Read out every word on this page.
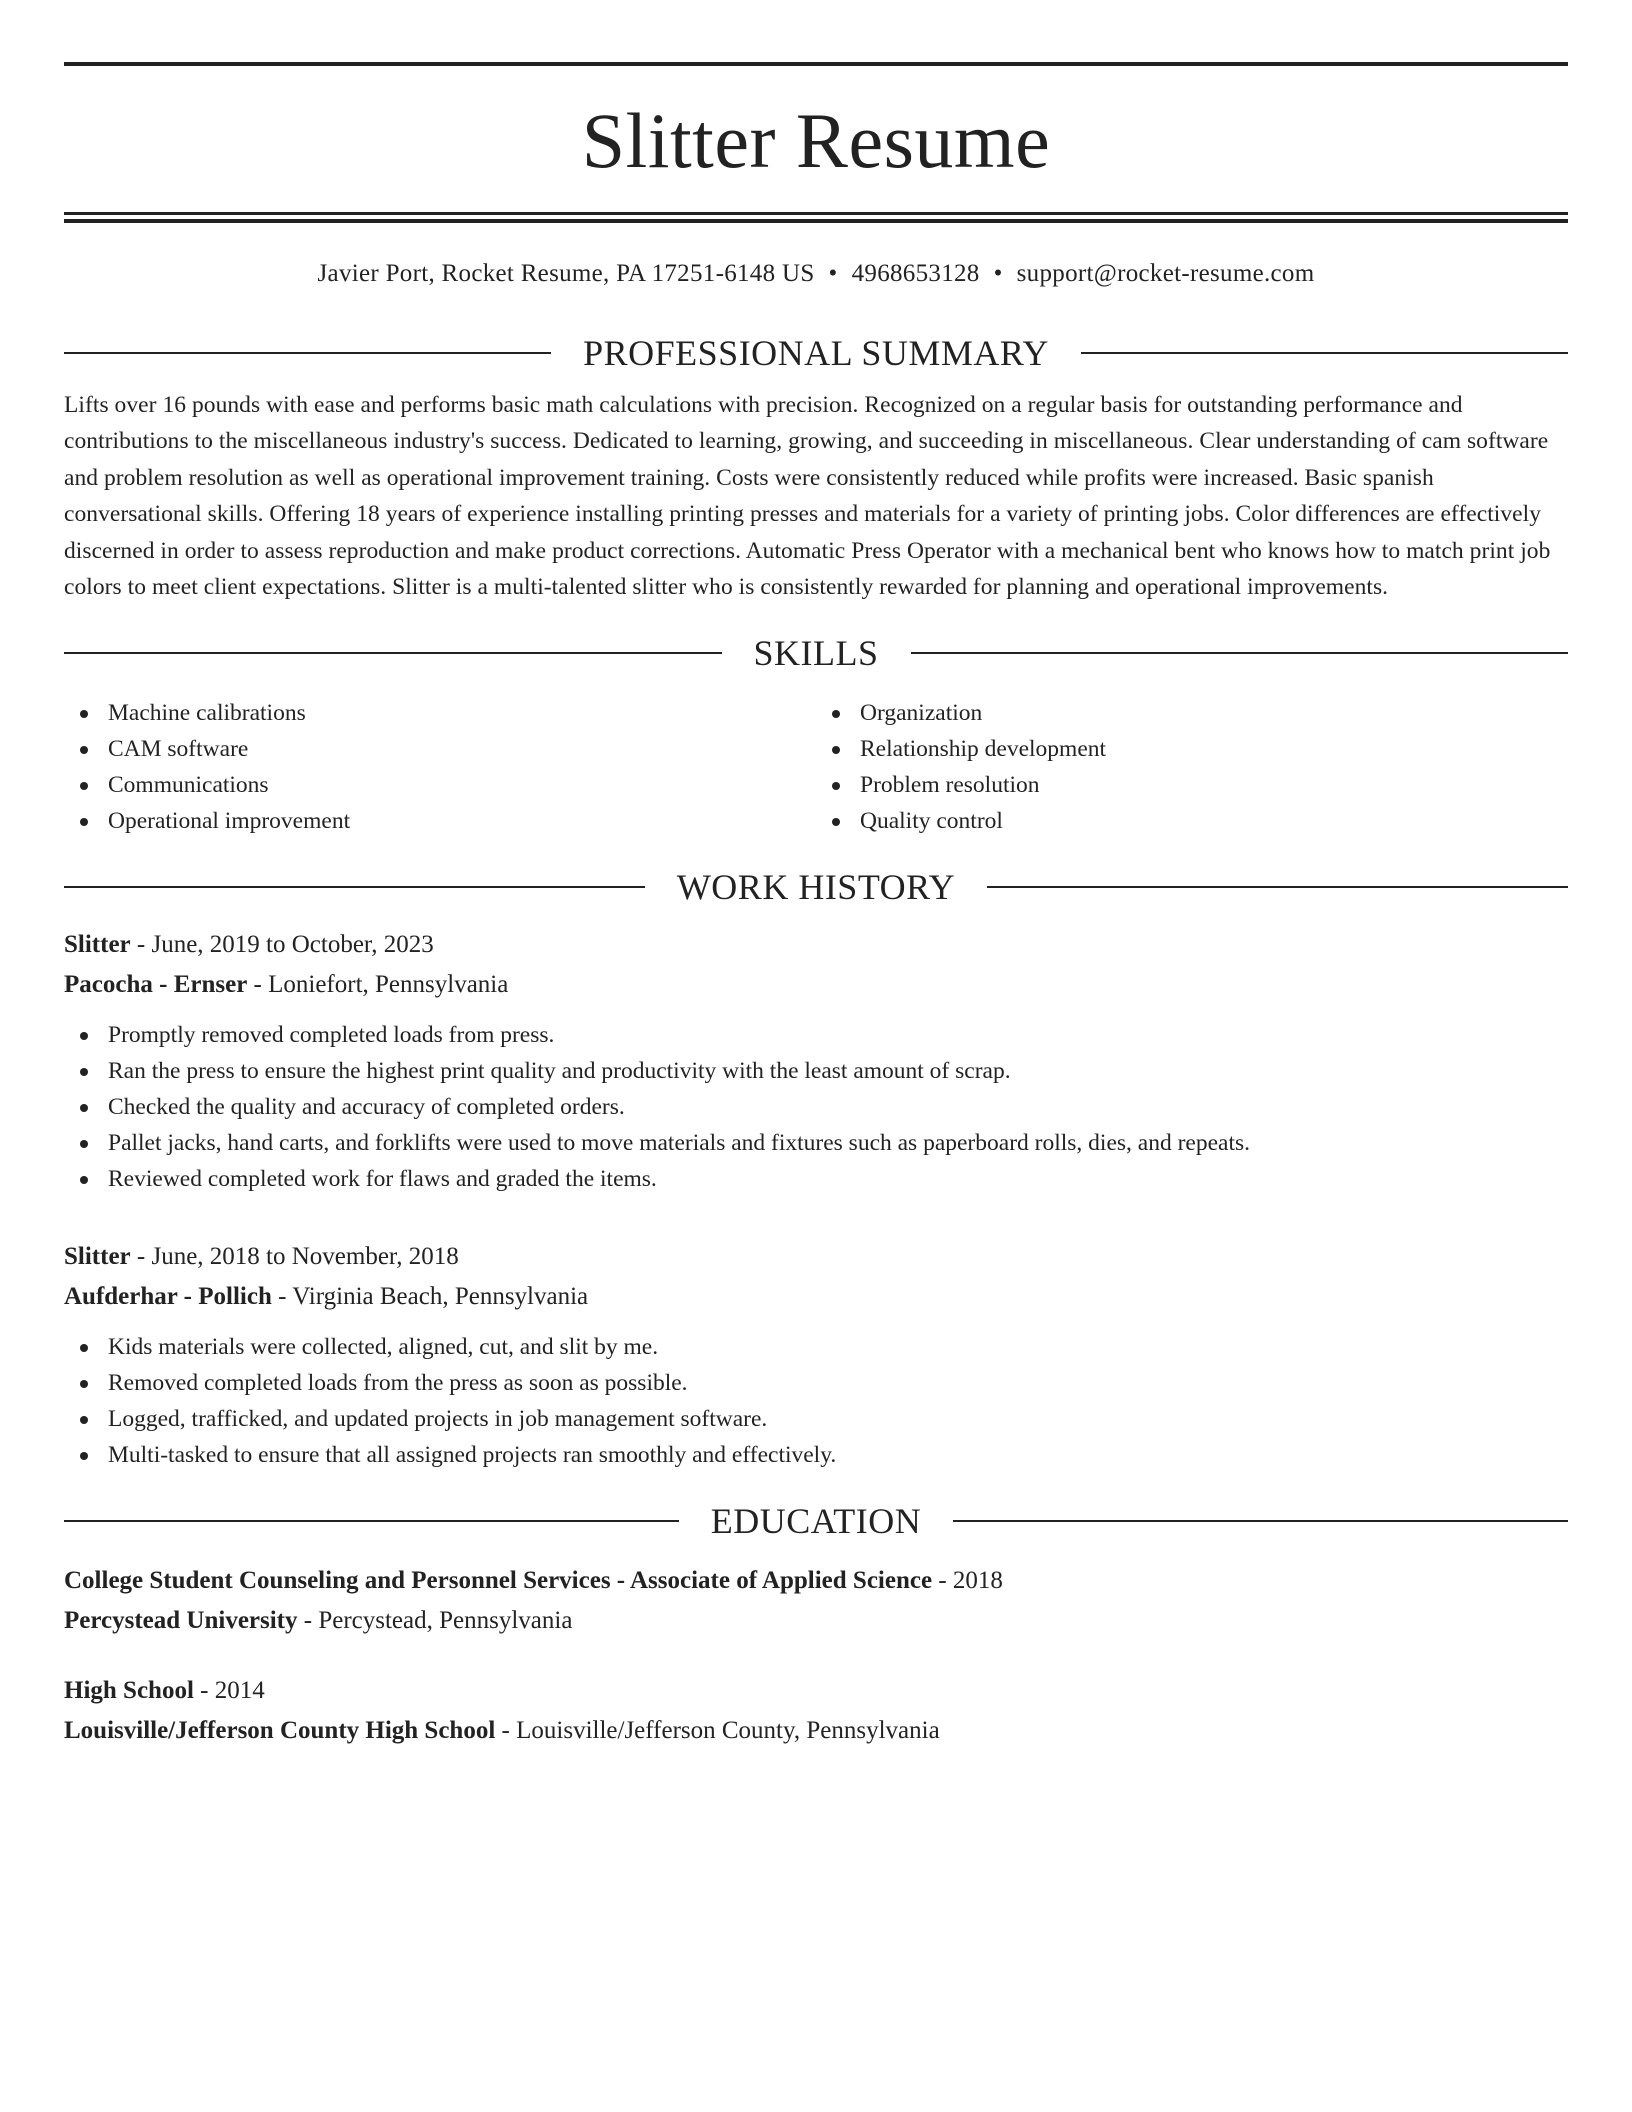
Slitter Resume
Javier Port, Rocket Resume, PA 17251-6148 US • 4968653128 • support@rocket-resume.com
PROFESSIONAL SUMMARY

Lifts over 16 pounds with ease and performs basic math calculations with precision. Recognized on a regular basis for outstanding performance and contributions to the miscellaneous industry's success. Dedicated to learning, growing, and succeeding in miscellaneous. Clear understanding of cam software and problem resolution as well as operational improvement training. Costs were consistently reduced while profits were increased. Basic spanish conversational skills. Offering 18 years of experience installing printing presses and materials for a variety of printing jobs. Color differences are effectively discerned in order to assess reproduction and make product corrections. Automatic Press Operator with a mechanical bent who knows how to match print job colors to meet client expectations. Slitter is a multi-talented slitter who is consistently rewarded for planning and operational improvements.

SKILLS
Machine calibrations
CAM software
Communications
Operational improvement
Organization
Relationship development
Problem resolution
Quality control
WORK HISTORY
Slitter - June, 2019 to October, 2023
Pacocha - Ernser - Loniefort, Pennsylvania
Promptly removed completed loads from press.
Ran the press to ensure the highest print quality and productivity with the least amount of scrap.
Checked the quality and accuracy of completed orders.
Pallet jacks, hand carts, and forklifts were used to move materials and fixtures such as paperboard rolls, dies, and repeats.
Reviewed completed work for flaws and graded the items.
Slitter - June, 2018 to November, 2018
Aufderhar - Pollich - Virginia Beach, Pennsylvania
Kids materials were collected, aligned, cut, and slit by me.
Removed completed loads from the press as soon as possible.
Logged, trafficked, and updated projects in job management software.
Multi-tasked to ensure that all assigned projects ran smoothly and effectively.
EDUCATION
College Student Counseling and Personnel Services - Associate of Applied Science - 2018
Percystead University - Percystead, Pennsylvania
High School - 2014
Louisville/Jefferson County High School - Louisville/Jefferson County, Pennsylvania
